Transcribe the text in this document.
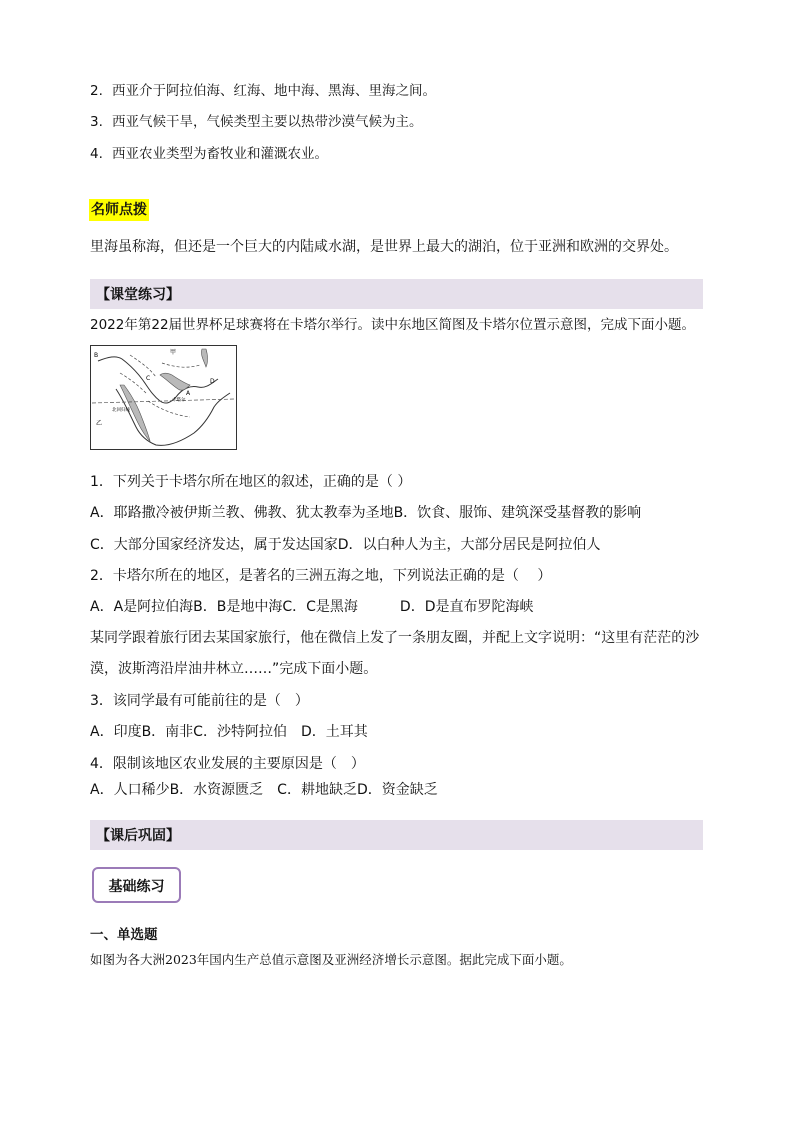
2. 西亚介于阿拉伯海、红海、地中海、黑海、里海之间。
3. 西亚气候干旱，气候类型主要以热带沙漠气候为主。
4. 西亚农业类型为畜牧业和灌溉农业。
名师点拨
里海虽称海，但还是一个巨大的内陆咸水湖，是世界上最大的湖泊，位于亚洲和欧洲的交界处。
【课堂练习】
2022年第22届世界杯足球赛将在卡塔尔举行。读中东地区简图及卡塔尔位置示意图，完成下面小题。
B	甲
C
A
D
乙
卡塔尔
北回归线
1．下列关于卡塔尔所在地区的叙述，正确的是（ ）
A．耶路撒冷被伊斯兰教、佛教、犹太教奉为圣地B．饮食、服饰、建筑深受基督教的影响
C．大部分国家经济发达，属于发达国家D．以白种人为主，大部分居民是阿拉伯人
2．卡塔尔所在的地区，是著名的三洲五海之地，下列说法正确的是（　 ）
A．A是阿拉伯海B．B是地中海C．C是黑海　　　D．D是直布罗陀海峡
某同学跟着旅行团去某国家旅行，他在微信上发了一条朋友圈，并配上文字说明：“这里有茫茫的沙
漠，波斯湾沿岸油井林立……”完成下面小题。
3．该同学最有可能前往的是（　）
A．印度B．南非C．沙特阿拉伯　D．土耳其
4．限制该地区农业发展的主要原因是（　）
A．人口稀少B．水资源匮乏　C．耕地缺乏D．资金缺乏
【课后巩固】
基础练习
一、单选题
如图为各大洲2023年国内生产总值示意图及亚洲经济增长示意图。据此完成下面小题。
